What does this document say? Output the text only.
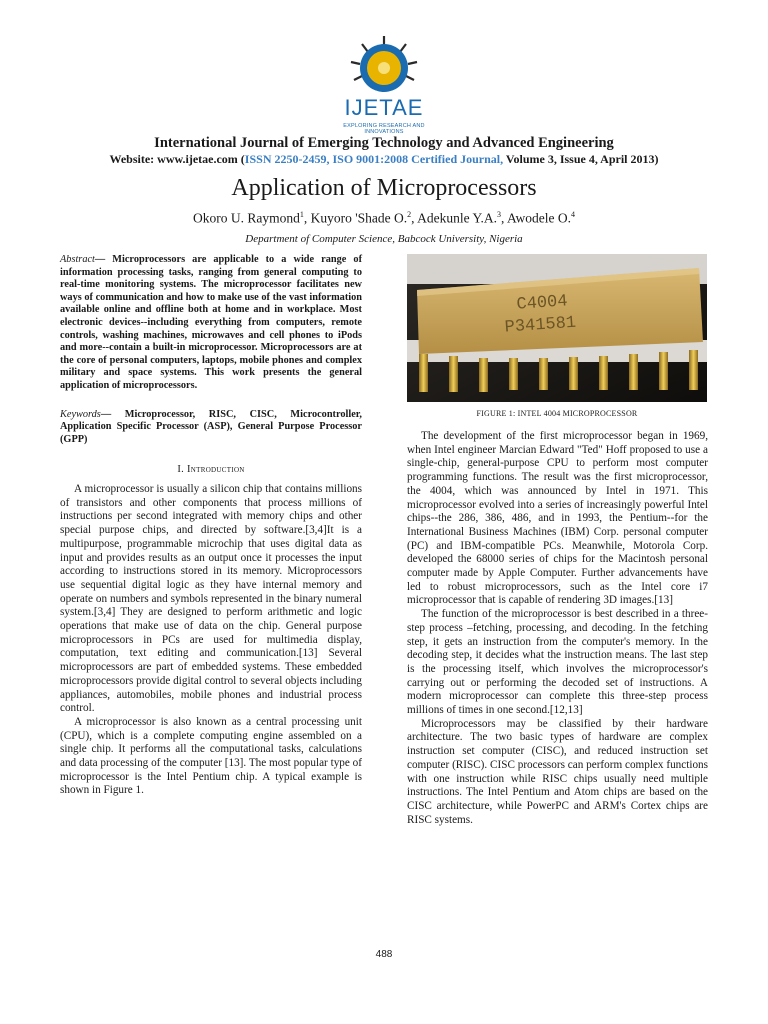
IJETAE
EXPLORING RESEARCH AND INNOVATIONS
International Journal of Emerging Technology and Advanced Engineering
Website: www.ijetae.com (ISSN 2250-2459, ISO 9001:2008 Certified Journal, Volume 3, Issue 4, April 2013)
Application of Microprocessors
Okoro U. Raymond$^1$, Kuyoro 'Shade O.$^2$, Adekunle Y.A.$^3$, Awodele O.$^4$
Department of Computer Science, Babcock University, Nigeria

Abstract— Microprocessors are applicable to a wide range of information processing tasks, ranging from general computing to real-time monitoring systems. The microprocessor facilitates new ways of communication and how to make use of the vast information available online and offline both at home and in workplace. Most electronic devices--including everything from computers, remote controls, washing machines, microwaves and cell phones to iPods and more--contain a built-in microprocessor. Microprocessors are at the core of personal computers, laptops, mobile phones and complex military and space systems. This work presents the general application of microprocessors.

Keywords— Microprocessor, RISC, CISC, Microcontroller, Application Specific Processor (ASP), General Purpose Processor (GPP)

I. Introduction

A microprocessor is usually a silicon chip that contains millions of transistors and other components that process millions of instructions per second integrated with memory chips and other special purpose chips, and directed by software.[3,4]It is a multipurpose, programmable microchip that uses digital data as input and provides results as an output once it processes the input according to instructions stored in its memory. Microprocessors use sequential digital logic as they have internal memory and operate on numbers and symbols represented in the binary numeral system.[3,4] They are designed to perform arithmetic and logic operations that make use of data on the chip. General purpose microprocessors in PCs are used for multimedia display, computation, text editing and communication.[13] Several microprocessors are part of embedded systems. These embedded microprocessors provide digital control to several objects including appliances, automobiles, mobile phones and industrial process control.

A microprocessor is also known as a central processing unit (CPU), which is a complete computing engine assembled on a single chip. It performs all the computational tasks, calculations and data processing of the computer [13]. The most popular type of microprocessor is the Intel Pentium chip. A typical example is shown in Figure 1.

C4004
P341581
FIGURE 1: INTEL 4004 MICROPROCESSOR

The development of the first microprocessor began in 1969, when Intel engineer Marcian Edward "Ted" Hoff proposed to use a single-chip, general-purpose CPU to perform most computer programming functions. The result was the first microprocessor, the 4004, which was announced by Intel in 1971. This microprocessor evolved into a series of increasingly powerful Intel chips--the 286, 386, 486, and in 1993, the Pentium--for the International Business Machines (IBM) Corp. personal computer (PC) and IBM-compatible PCs. Meanwhile, Motorola Corp. developed the 68000 series of chips for the Macintosh personal computer made by Apple Computer. Further advancements have led to robust microprocessors, such as the Intel core i7 microprocessor that is capable of rendering 3D images.[13]

The function of the microprocessor is best described in a three-step process –fetching, processing, and decoding. In the fetching step, it gets an instruction from the computer's memory. In the decoding step, it decides what the instruction means. The last step is the processing itself, which involves the microprocessor's carrying out or performing the decoded set of instructions. A modern microprocessor can complete this three-step process millions of times in one second.[12,13]

Microprocessors may be classified by their hardware architecture. The two basic types of hardware are complex instruction set computer (CISC), and reduced instruction set computer (RISC). CISC processors can perform complex functions with one instruction while RISC chips usually need multiple instructions. The Intel Pentium and Atom chips are based on the CISC architecture, while PowerPC and ARM's Cortex chips are RISC systems.

488
